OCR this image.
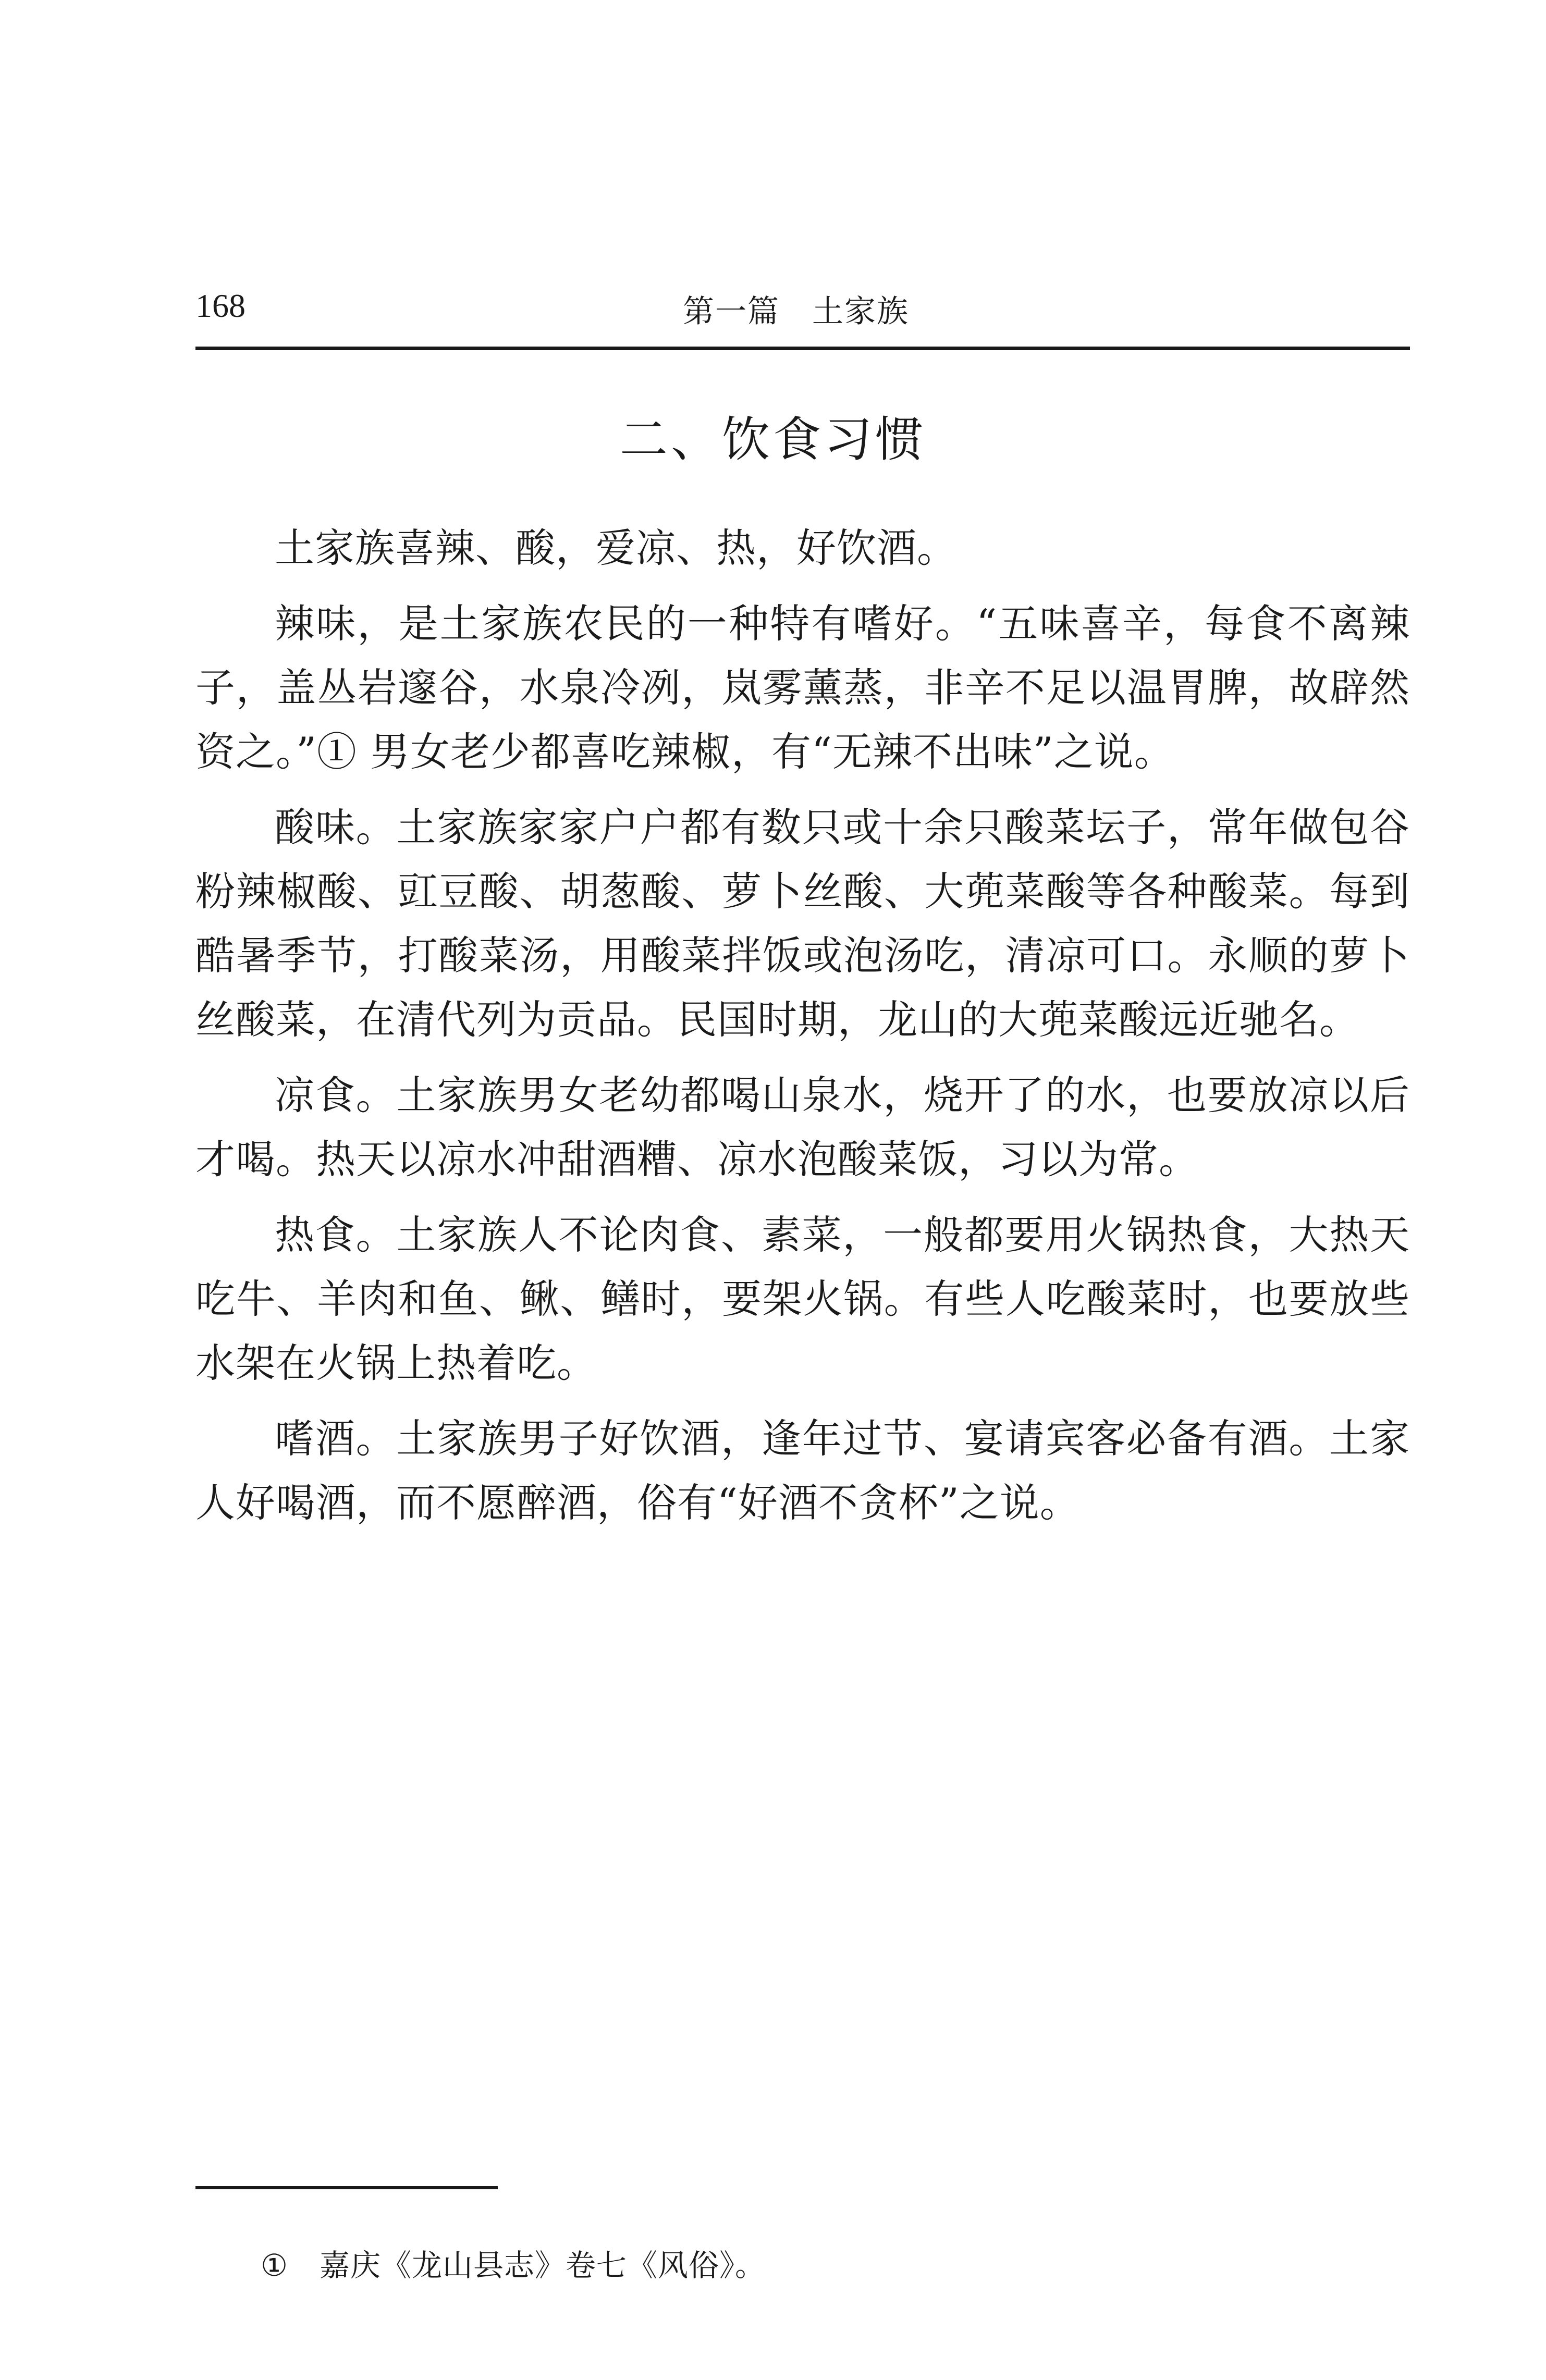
168	第一篇　土家族
二、饮食习惯

土家族喜辣、酸，爱凉、热，好饮酒。

辣味，是土家族农民的一种特有嗜好。“五味喜辛，每食不离辣子，盖丛岩邃谷，水泉冷冽，岚雾薰蒸，非辛不足以温胃脾，故辟然资之。”① 男女老少都喜吃辣椒，有“无辣不出味”之说。

酸味。土家族家家户户都有数只或十余只酸菜坛子，常年做包谷粉辣椒酸、豇豆酸、胡葱酸、萝卜丝酸、大蔸菜酸等各种酸菜。每到酷暑季节，打酸菜汤，用酸菜拌饭或泡汤吃，清凉可口。永顺的萝卜丝酸菜，在清代列为贡品。民国时期，龙山的大蔸菜酸远近驰名。

凉食。土家族男女老幼都喝山泉水，烧开了的水，也要放凉以后才喝。热天以凉水冲甜酒糟、凉水泡酸菜饭，习以为常。

热食。土家族人不论肉食、素菜，一般都要用火锅热食，大热天吃牛、羊肉和鱼、鳅、鳝时，要架火锅。有些人吃酸菜时，也要放些水架在火锅上热着吃。

嗜酒。土家族男子好饮酒，逢年过节、宴请宾客必备有酒。土家人好喝酒，而不愿醉酒，俗有“好酒不贪杯”之说。

① 嘉庆《龙山县志》卷七《风俗》。
